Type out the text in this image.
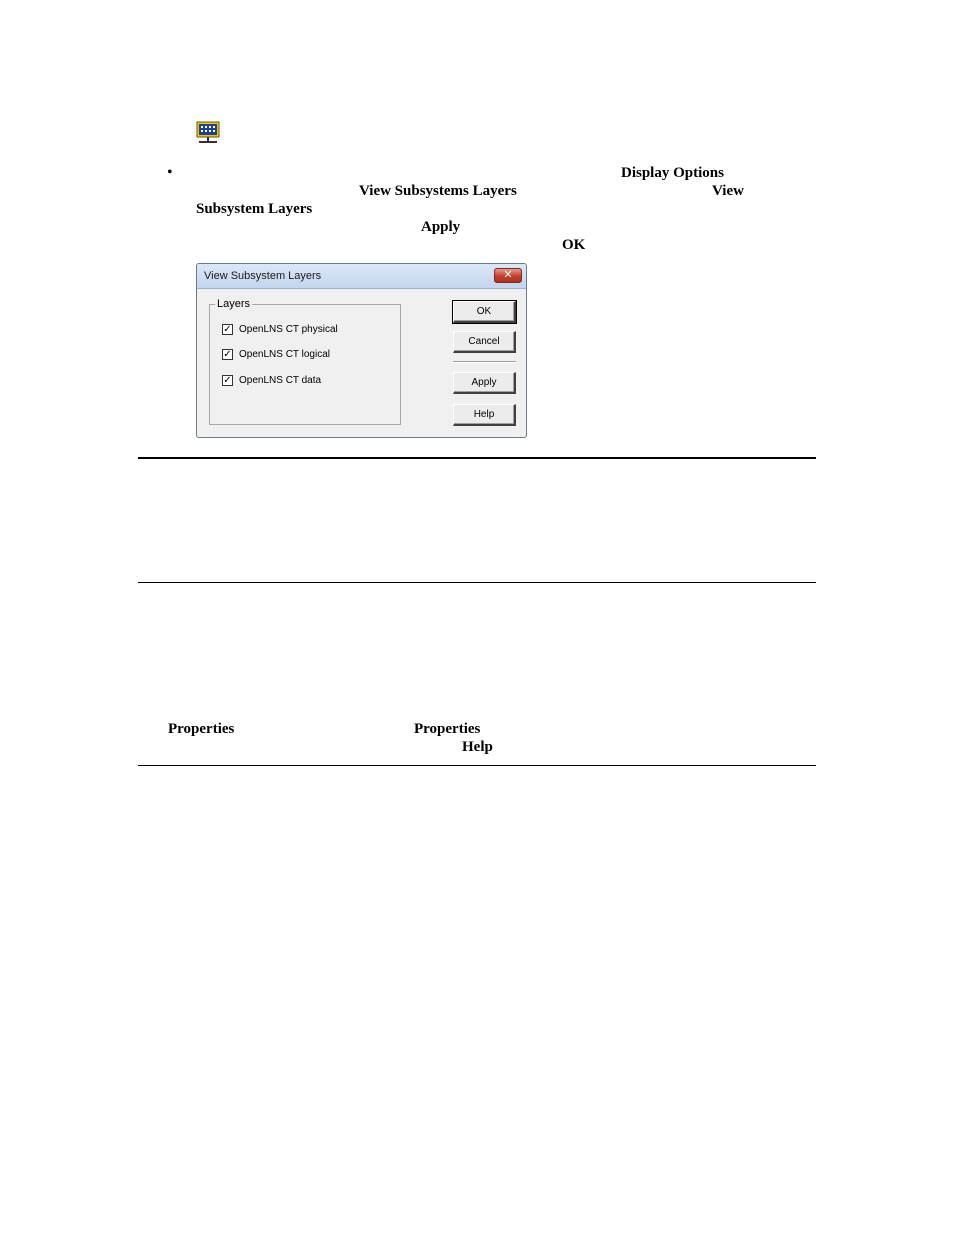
•	Display Options
View Subsystems Layers	View
Subsystem Layers
Apply
OK
View Subsystem Layers	✕
Layers
✓ OpenLNS CT physical
✓ OpenLNS CT logical
✓ OpenLNS CT data
OK
Cancel
Apply
Help
Properties	Properties
Help
